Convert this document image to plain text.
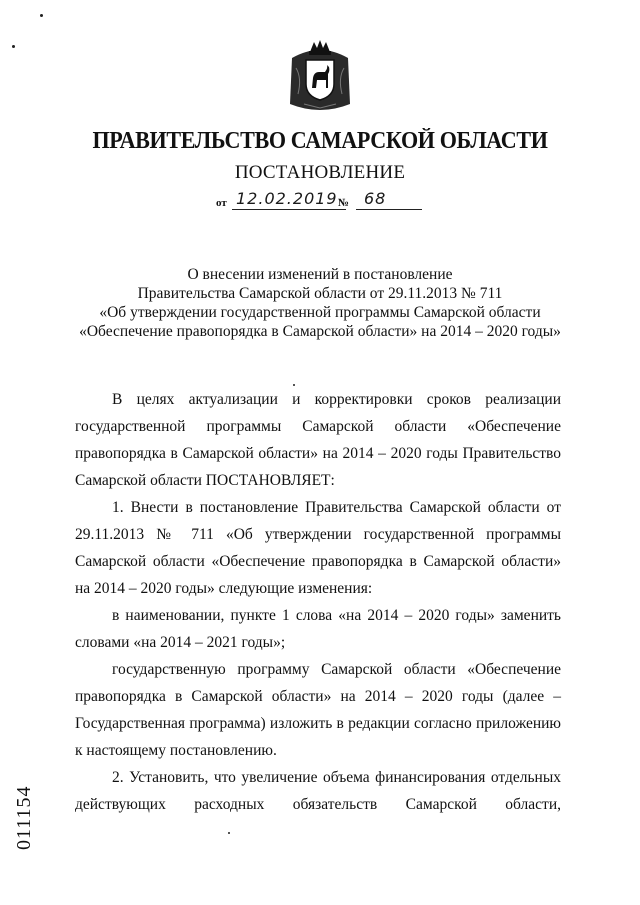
ПРАВИТЕЛЬСТВО САМАРСКОЙ ОБЛАСТИ
ПОСТАНОВЛЕНИЕ
от 12.02.2019 № 68
О внесении изменений в постановление
Правительства Самарской области от 29.11.2013 № 711
«Об утверждении государственной программы Самарской области
«Обеспечение правопорядка в Самарской области» на 2014 – 2020 годы»

В целях актуализации и корректировки сроков реализации государственной программы Самарской области «Обеспечение правопорядка в Самарской области» на 2014 – 2020 годы Правительство Самарской области ПОСТАНОВЛЯЕТ:

1. Внести в постановление Правительства Самарской области от 29.11.2013 № 711 «Об утверждении государственной программы Самарской области «Обеспечение правопорядка в Самарской области» на 2014 – 2020 годы» следующие изменения:

в наименовании, пункте 1 слова «на 2014 – 2020 годы» заменить словами «на 2014 – 2021 годы»;

государственную программу Самарской области «Обеспечение правопорядка в Самарской области» на 2014 – 2020 годы (далее – Государственная программа) изложить в редакции согласно приложению к настоящему постановлению.

2. Установить, что увеличение объема финансирования отдельных действующих расходных обязательств Самарской области,

011154
